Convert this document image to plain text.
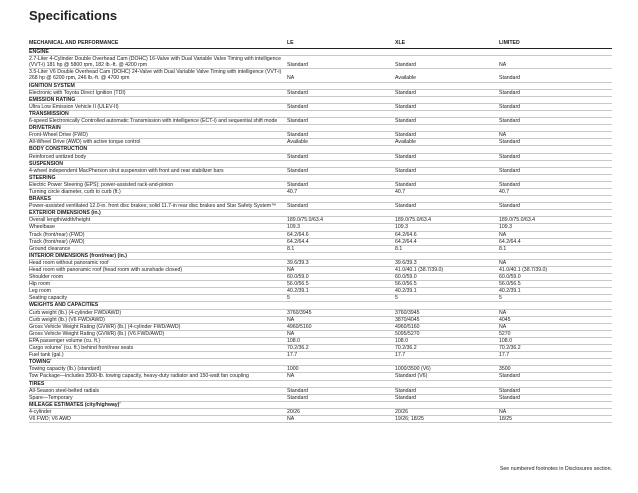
Specifications
MECHANICAL AND PERFORMANCE	LE	XLE	LIMITED
ENGINE
2.7-Liter 4-Cylinder Double Overhead Cam (DOHC) 16-Valve with Dual Variable Valve Timing with intelligence (VVT-i) 181 hp @ 5800 rpm, 182 lb.-ft. @ 4200 rpm	Standard	Standard	NA
3.5-Liter V6 Double Overhead Cam (DOHC) 24-Valve with Dual Variable Valve Timing with intelligence (VVT-i) 268 hp @ 6200 rpm, 246 lb.-ft. @ 4700 rpm	NA	Available	Standard
IGNITION SYSTEM
Electronic with Toyota Direct Ignition (TDI)	Standard	Standard	Standard
EMISSION RATING
Ultra Low Emission Vehicle II (ULEV-II)	Standard	Standard	Standard
TRANSMISSION
6-speed Electronically Controlled automatic Transmission with intelligence (ECT-i) and sequential shift mode	Standard	Standard	Standard
DRIVETRAIN
Front-Wheel Drive (FWD)	Standard	Standard	NA
All-Wheel Drive (AWD) with active torque control	Available	Available	Standard
BODY CONSTRUCTION
Reinforced unitized body	Standard	Standard	Standard
SUSPENSION
4-wheel independent MacPherson strut suspension with front and rear stabilizer bars	Standard	Standard	Standard
STEERING
Electric Power Steering (EPS); power-assisted rack-and-pinion	Standard	Standard	Standard
Turning circle diameter, curb to curb (ft.)	40.7	40.7	40.7
BRAKES
Power-assisted ventilated 12.0-in. front disc brakes; solid 11.7-in rear disc brakes and Star Safety System™	Standard	Standard	Standard
EXTERIOR DIMENSIONS (in.)
Overall length/width/height	189.0/75.0/63.4	189.0/75.0/63.4	189.0/75.0/63.4
Wheelbase	109.3	109.3	109.3
Track (front/rear) (FWD)	64.2/64.6	64.2/64.6	NA
Track (front/rear) (AWD)	64.2/64.4	64.2/64.4	64.2/64.4
Ground clearance	8.1	8.1	8.1
INTERIOR DIMENSIONS (front/rear) (in.)
Head room without panoramic roof	39.6/39.3	39.6/39.3	NA
Head room with panoramic roof (head room with sunshade closed)	NA	41.0/40.1 (38.7/39.0)	41.0/40.1 (38.7/39.0)
Shoulder room	60.0/59.0	60.0/59.0	60.0/59.0
Hip room	56.0/56.5	56.0/56.5	56.0/56.5
Leg room	40.2/39.1	40.2/39.1	40.2/39.1
Seating capacity	5	5	5
WEIGHTS AND CAPACITIES
Curb weight (lb.) (4-cylinder FWD/AWD)	3760/3945	3760/3945	NA
Curb weight (lb.) (V6 FWD/AWD)	NA	3870/4045	4045
Gross Vehicle Weight Rating (GVWR) (lb.) (4-cylinder FWD/AWD)	4960/5160	4960/5160	NA
Gross Vehicle Weight Rating (GVWR) (lb.) (V6 FWD/AWD)	NA	5095/5270	5270
EPA passenger volume (cu. ft.)	108.0	108.0	108.0
Cargo volume' (cu. ft.) behind front/rear seats	70.2/36.2	70.2/36.2	70.2/36.2
Fuel tank (gal.)	17.7	17.7	17.7
TOWING'
Towing capacity (lb.) (standard)	1000	1000/3500 (V6)	3500
Tow Package—includes 3500-lb. towing capacity, heavy-duty radiator and 150-watt fan coupling	NA	Standard (V6)	Standard
TIRES
All-Season steel-belted radials	Standard	Standard	Standard
Spare—Temporary	Standard	Standard	Standard
MILEAGE ESTIMATES (city/highway)'
4-cylinder	20/26	20/26	NA
V6 FWD; V6 AWD	NA	19/26; 18/25	18/25
See numbered footnotes in Disclosures section.
